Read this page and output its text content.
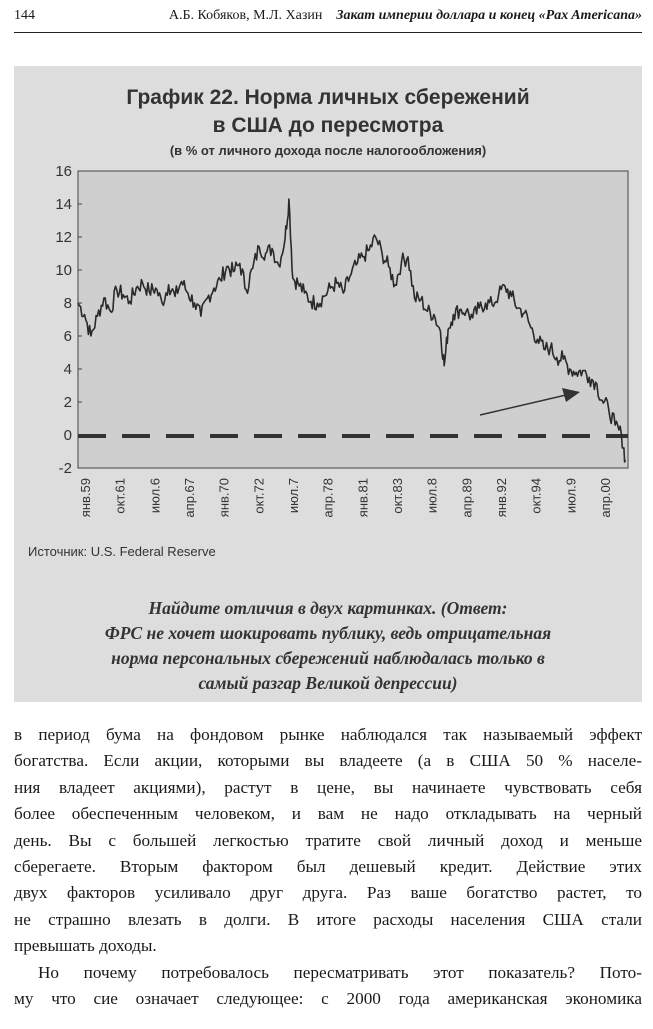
144	А.Б. Кобяков, М.Л. Хазин Закат империи доллара и конец «Pax Americana»
График 22. Норма личных сбережений
в США до пересмотра
(в % от личного дохода после налогообложения)
16
14
12
10
8
6
4
2
0
-2
янв.59 окт.61 июл.6 апр.67 янв.70 окт.72 июл.7 апр.78 янв.81 окт.83 июл.8 апр.89 янв.92 окт.94 июл.9 апр.00
Источник: U.S. Federal Reserve
Найдите отличия в двух картинках. (Ответ:
ФРС не хочет шокировать публику, ведь отрицательная
норма персональных сбережений наблюдалась только в
самый разгар Великой депрессии)
в период бума на фондовом рынке наблюдался так называемый эффект
богатства. Если акции, которыми вы владеете (а в США 50 % населе-
ния владеет акциями), растут в цене, вы начинаете чувствовать себя
более обеспеченным человеком, и вам не надо откладывать на черный
день. Вы с большей легкостью тратите свой личный доход и меньше
сберегаете. Вторым фактором был дешевый кредит. Действие этих
двух факторов усиливало друг друга. Раз ваше богатство растет, то
не страшно влезать в долги. В итоге расходы населения США стали
превышать доходы.
Но почему потребовалось пересматривать этот показатель? Пото-
му что сие означает следующее: с 2000 года американская экономика
